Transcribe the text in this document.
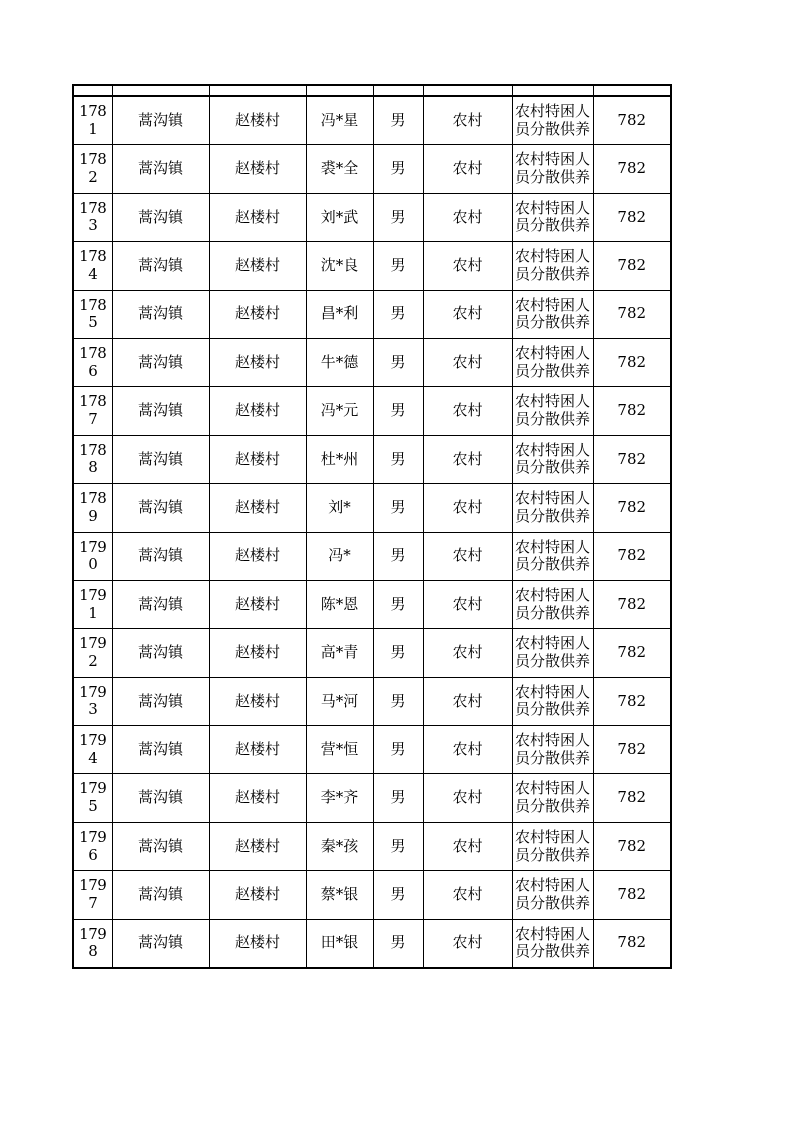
1781	蒿沟镇	赵楼村	冯*星	男	农村	农村特困人员分散供养	782
1782	蒿沟镇	赵楼村	裘*全	男	农村	农村特困人员分散供养	782
1783	蒿沟镇	赵楼村	刘*武	男	农村	农村特困人员分散供养	782
1784	蒿沟镇	赵楼村	沈*良	男	农村	农村特困人员分散供养	782
1785	蒿沟镇	赵楼村	昌*利	男	农村	农村特困人员分散供养	782
1786	蒿沟镇	赵楼村	牛*德	男	农村	农村特困人员分散供养	782
1787	蒿沟镇	赵楼村	冯*元	男	农村	农村特困人员分散供养	782
1788	蒿沟镇	赵楼村	杜*州	男	农村	农村特困人员分散供养	782
1789	蒿沟镇	赵楼村	刘*	男	农村	农村特困人员分散供养	782
1790	蒿沟镇	赵楼村	冯*	男	农村	农村特困人员分散供养	782
1791	蒿沟镇	赵楼村	陈*恩	男	农村	农村特困人员分散供养	782
1792	蒿沟镇	赵楼村	高*青	男	农村	农村特困人员分散供养	782
1793	蒿沟镇	赵楼村	马*河	男	农村	农村特困人员分散供养	782
1794	蒿沟镇	赵楼村	营*恒	男	农村	农村特困人员分散供养	782
1795	蒿沟镇	赵楼村	李*齐	男	农村	农村特困人员分散供养	782
1796	蒿沟镇	赵楼村	秦*孩	男	农村	农村特困人员分散供养	782
1797	蒿沟镇	赵楼村	蔡*银	男	农村	农村特困人员分散供养	782
1798	蒿沟镇	赵楼村	田*银	男	农村	农村特困人员分散供养	782
